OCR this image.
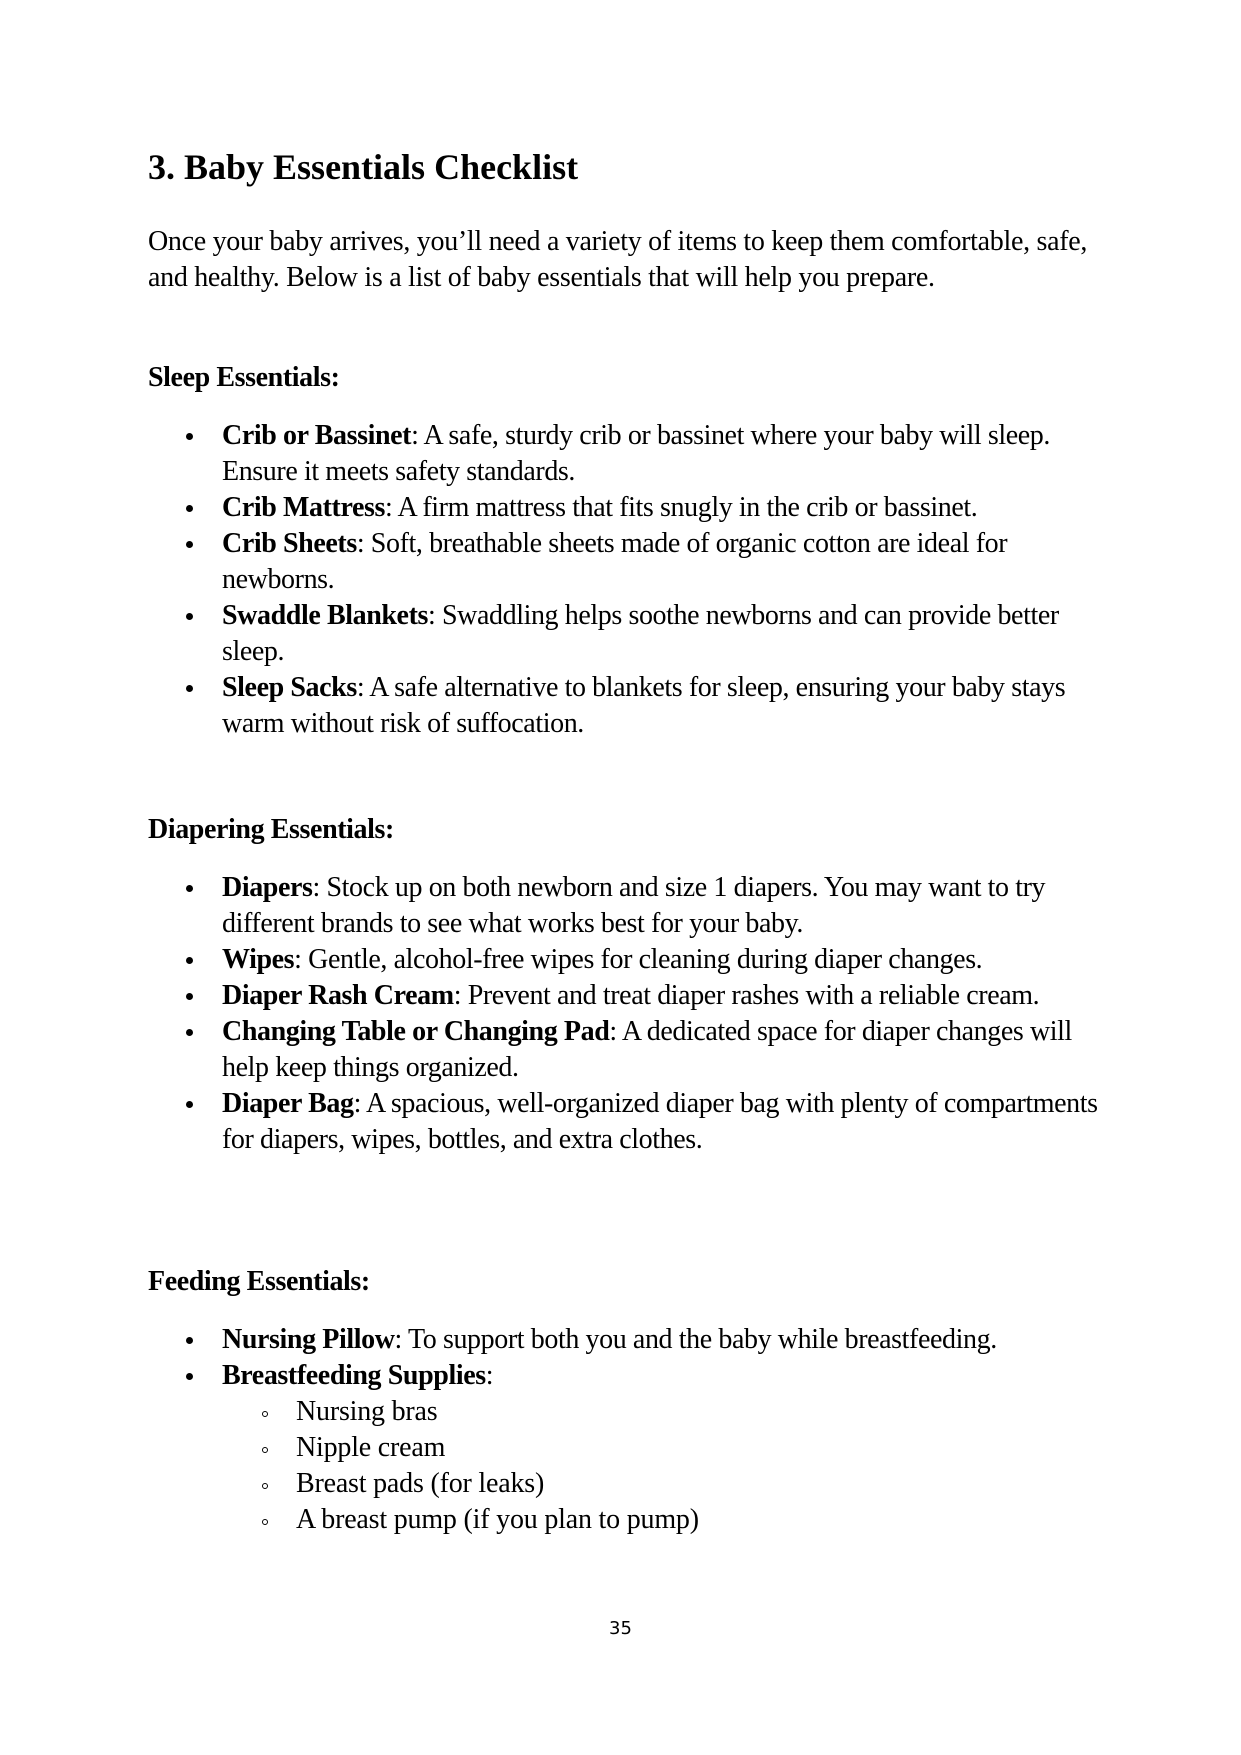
3. Baby Essentials Checklist

Once your baby arrives, you’ll need a variety of items to keep them comfortable, safe, and healthy. Below is a list of baby essentials that will help you prepare.

Sleep Essentials:
Crib or Bassinet: A safe, sturdy crib or bassinet where your baby will sleep. Ensure it meets safety standards.
Crib Mattress: A firm mattress that fits snugly in the crib or bassinet.
Crib Sheets: Soft, breathable sheets made of organic cotton are ideal for newborns.
Swaddle Blankets: Swaddling helps soothe newborns and can provide better sleep.
Sleep Sacks: A safe alternative to blankets for sleep, ensuring your baby stays warm without risk of suffocation.
Diapering Essentials:
Diapers: Stock up on both newborn and size 1 diapers. You may want to try different brands to see what works best for your baby.
Wipes: Gentle, alcohol-free wipes for cleaning during diaper changes.
Diaper Rash Cream: Prevent and treat diaper rashes with a reliable cream.
Changing Table or Changing Pad: A dedicated space for diaper changes will help keep things organized.
Diaper Bag: A spacious, well-organized diaper bag with plenty of compartments for diapers, wipes, bottles, and extra clothes.
Feeding Essentials:
Nursing Pillow: To support both you and the baby while breastfeeding.
Breastfeeding Supplies:
Nursing bras
Nipple cream
Breast pads (for leaks)
A breast pump (if you plan to pump)
35
